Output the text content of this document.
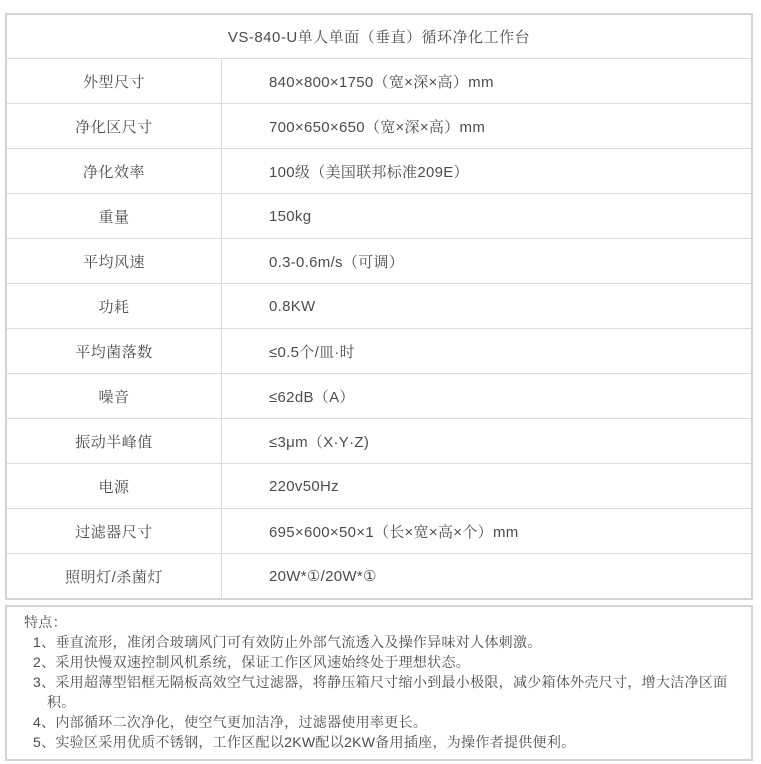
VS-840-U单人单面（垂直）循环净化工作台
外型尺寸	840×800×1750（宽×深×高）mm
净化区尺寸	700×650×650（宽×深×高）mm
净化效率	100级（美国联邦标准209E）
重量	150kg
平均风速	0.3-0.6m/s（可调）
功耗	0.8KW
平均菌落数	≤0.5个/皿·时
噪音	≤62dB（A）
振动半峰值	≤3μm（X·Y·Z)
电源	220v50Hz
过滤器尺寸	695×600×50×1（长×宽×高×个）mm
照明灯/杀菌灯	20W*①/20W*①
特点：
1、垂直流形，准闭合玻璃风门可有效防止外部气流透入及操作异味对人体刺激。
2、采用快慢双速控制风机系统，保证工作区风速始终处于理想状态。
3、采用超薄型铝框无隔板高效空气过滤器，将静压箱尺寸缩小到最小极限，减少箱体外壳尺寸，增大洁净区面积。
4、内部循环二次净化，使空气更加洁净，过滤器使用率更长。
5、实验区采用优质不锈钢，工作区配以2KW配以2KW备用插座，为操作者提供便利。
